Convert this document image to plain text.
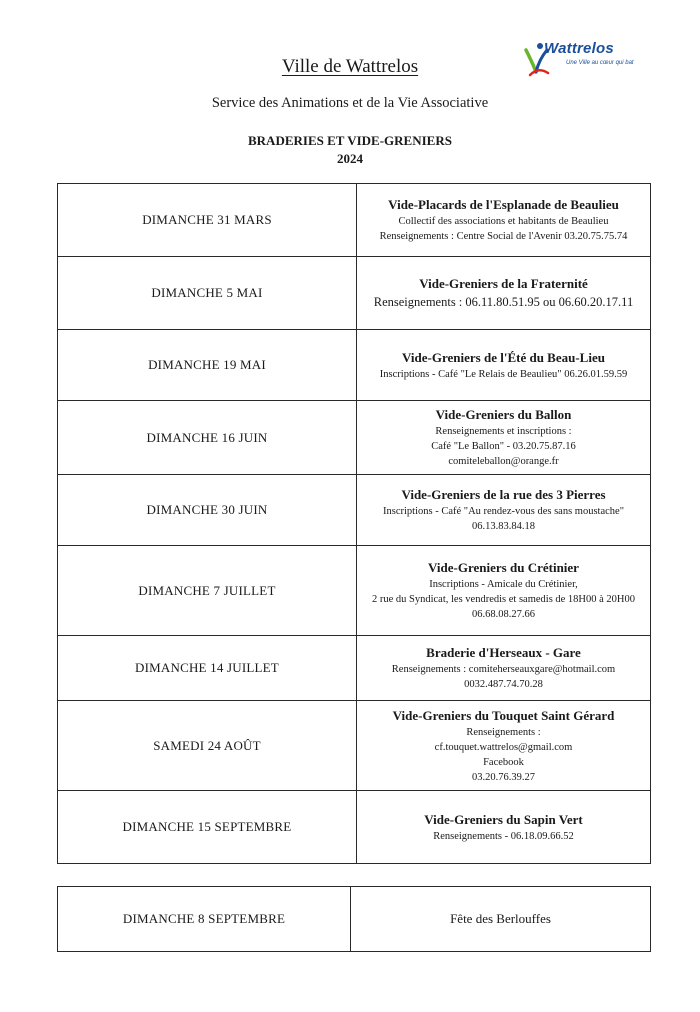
Ville de Wattrelos
Service des Animations et de la Vie Associative
BRADERIES ET VIDE-GRENIERS
2024
Wattrelos
Une Ville au cœur qui bat
DIMANCHE 31 MARS	Vide-Placards de l'Esplanade de Beaulieu
Collectif des associations et habitants de Beaulieu
Renseignements : Centre Social de l'Avenir 03.20.75.75.74

DIMANCHE 5 MAI	Vide-Greniers de la Fraternité
Renseignements : 06.11.80.51.95 ou 06.60.20.17.11

DIMANCHE 19 MAI	Vide-Greniers de l'Été du Beau-Lieu
Inscriptions - Café "Le Relais de Beaulieu" 06.26.01.59.59

DIMANCHE 16 JUIN	Vide-Greniers du Ballon
Renseignements et inscriptions :
Café "Le Ballon" - 03.20.75.87.16
comiteleballon@orange.fr

DIMANCHE 30 JUIN	Vide-Greniers de la rue des 3 Pierres
Inscriptions - Café "Au rendez-vous des sans moustache"
06.13.83.84.18

DIMANCHE 7 JUILLET	Vide-Greniers du Crétinier
Inscriptions - Amicale du Crétinier,
2 rue du Syndicat, les vendredis et samedis de 18H00 à 20H00
06.68.08.27.66

DIMANCHE 14 JUILLET	Braderie d'Herseaux - Gare
Renseignements : comiteherseauxgare@hotmail.com
0032.487.74.70.28

SAMEDI 24 AOÛT	Vide-Greniers du Touquet Saint Gérard
Renseignements :
cf.touquet.wattrelos@gmail.com
Facebook
03.20.76.39.27

DIMANCHE 15 SEPTEMBRE	Vide-Greniers du Sapin Vert
Renseignements - 06.18.09.66.52
DIMANCHE 8 SEPTEMBRE	Fête des Berlouffes
